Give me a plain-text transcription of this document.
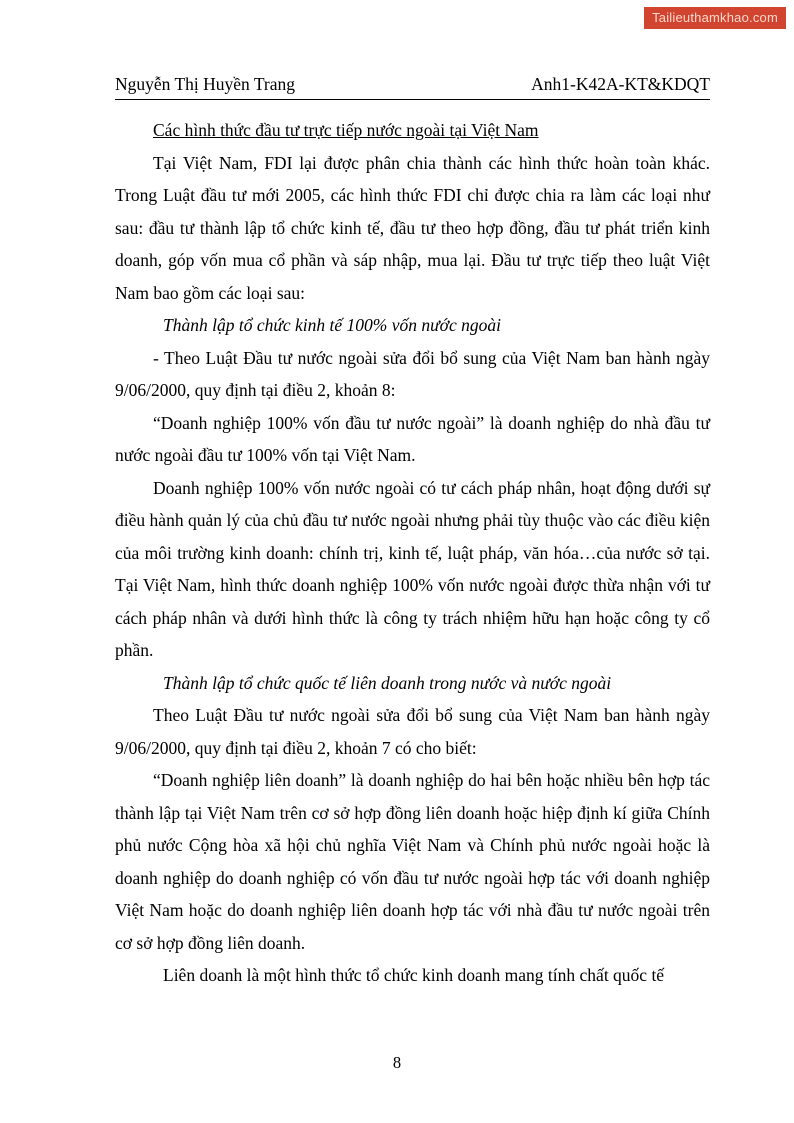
Tailieuthamkhao.com
Nguyễn Thị Huyền Trang	Anh1-K42A-KT&KDQT

Các hình thức đầu tư trực tiếp nước ngoài tại Việt Nam

Tại Việt Nam, FDI lại được phân chia thành các hình thức hoàn toàn khác. Trong Luật đầu tư mới 2005, các hình thức FDI chỉ được chia ra làm các loại như sau: đầu tư thành lập tổ chức kinh tế, đầu tư theo hợp đồng, đầu tư phát triển kinh doanh, góp vốn mua cổ phần và sáp nhập, mua lại. Đầu tư trực tiếp theo luật Việt Nam bao gồm các loại sau:

Thành lập tổ chức kinh tế 100% vốn nước ngoài

- Theo Luật Đầu tư nước ngoài sửa đổi bổ sung của Việt Nam ban hành ngày 9/06/2000, quy định tại điều 2, khoản 8:

“Doanh nghiệp 100% vốn đầu tư nước ngoài” là doanh nghiệp do nhà đầu tư nước ngoài đầu tư 100% vốn tại Việt Nam.

Doanh nghiệp 100% vốn nước ngoài có tư cách pháp nhân, hoạt động dưới sự điều hành quản lý của chủ đầu tư nước ngoài nhưng phải tùy thuộc vào các điều kiện của môi trường kinh doanh: chính trị, kinh tế, luật pháp, văn hóa…của nước sở tại. Tại Việt Nam, hình thức doanh nghiệp 100% vốn nước ngoài được thừa nhận với tư cách pháp nhân và dưới hình thức là công ty trách nhiệm hữu hạn hoặc công ty cổ phần.

Thành lập tổ chức quốc tế liên doanh trong nước và nước ngoài

Theo Luật Đầu tư nước ngoài sửa đổi bổ sung của Việt Nam ban hành ngày 9/06/2000, quy định tại điều 2, khoản 7 có cho biết:

“Doanh nghiệp liên doanh” là doanh nghiệp do hai bên hoặc nhiều bên hợp tác thành lập tại Việt Nam trên cơ sở hợp đồng liên doanh hoặc hiệp định kí giữa Chính phủ nước Cộng hòa xã hội chủ nghĩa Việt Nam và Chính phủ nước ngoài hoặc là doanh nghiệp do doanh nghiệp có vốn đầu tư nước ngoài hợp tác với doanh nghiệp Việt Nam hoặc do doanh nghiệp liên doanh hợp tác với nhà đầu tư nước ngoài trên cơ sở hợp đồng liên doanh.

Liên doanh là một hình thức tổ chức kinh doanh mang tính chất quốc tế

8
